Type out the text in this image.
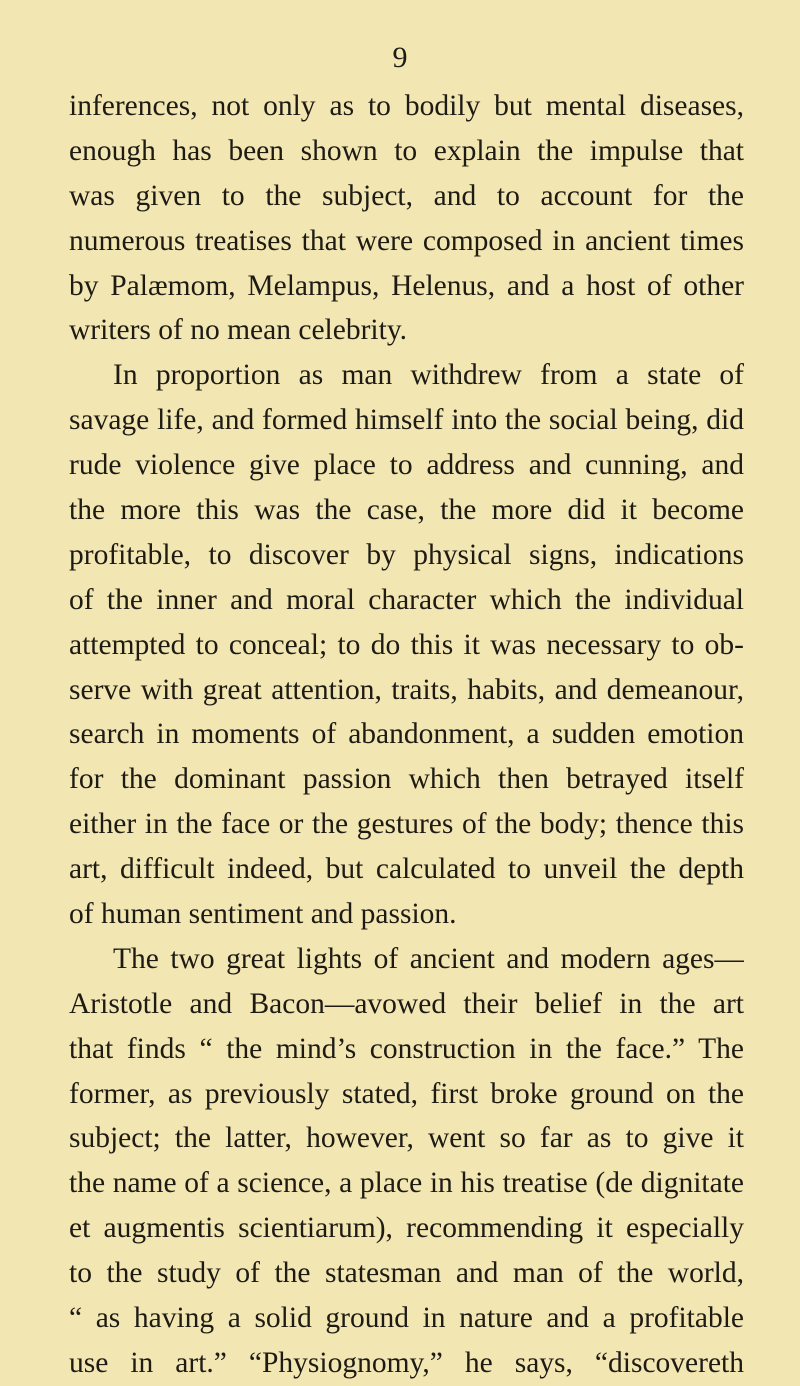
9
inferences, not only as to bodily but mental diseases,
enough has been shown to explain the impulse that
was given to the subject, and to account for the
numerous treatises that were composed in ancient times
by Palæmom, Melampus, Helenus, and a host of other
writers of no mean celebrity.
In proportion as man withdrew from a state of
savage life, and formed himself into the social being, did
rude violence give place to address and cunning, and
the more this was the case, the more did it become
profitable, to discover by physical signs, indications
of the inner and moral character which the individual
attempted to conceal; to do this it was necessary to ob-
serve with great attention, traits, habits, and demeanour,
search in moments of abandonment, a sudden emotion
for the dominant passion which then betrayed itself
either in the face or the gestures of the body; thence this
art, difficult indeed, but calculated to unveil the depth
of human sentiment and passion.
The two great lights of ancient and modern ages—
Aristotle and Bacon—avowed their belief in the art
that finds “ the mind’s construction in the face.” The
former, as previously stated, first broke ground on the
subject; the latter, however, went so far as to give it
the name of a science, a place in his treatise (de dignitate
et augmentis scientiarum), recommending it especially
to the study of the statesman and man of the world,
“ as having a solid ground in nature and a profitable
use in art.” “Physiognomy,” he says, “discovereth
